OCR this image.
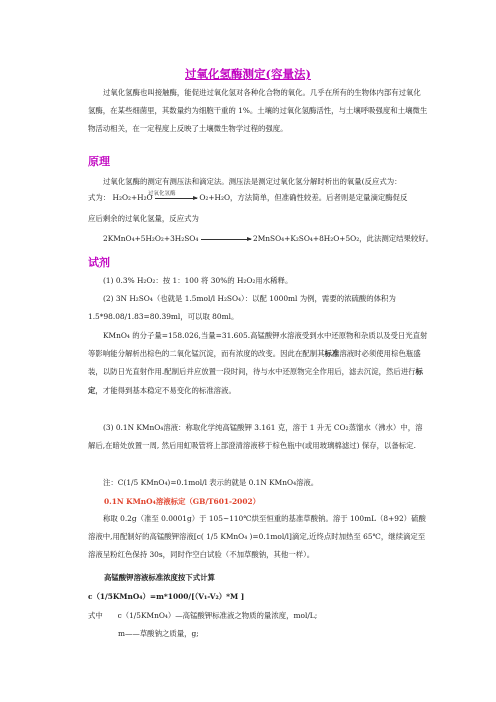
过氧化氢酶测定(容量法)
过氧化氢酶也叫接触酶，能促进过氧化氢对各种化合物的氧化。几乎在所有的生物体内部有过氧化氢酶，在某些细菌里，其数量约为细胞干重的 1%。土壤的过氧化氢酶活性，与土壤呼吸强度和土壤微生物活动相关，在一定程度上反映了土壤微生物学过程的强度。
原理
过氧化氢酶的测定有测压法和滴定法。测压法是测定过氧化氢分解时析出的氧量(反应式为：
过氧化氢酶
式为： H₂O₂+H₂O	O₂+H₂O，方法简单，但准确性较差。后者则是定量滴定酶促反
应后剩余的过氧化氢量，反应式为
2KMnO₄+5H₂O₂+3H₂SO₄	2MnSO₄+K₂SO₄+8H₂O+5O₂，此法测定结果较好。
试剂
(1) 0.3% H₂O₂：按 1：100 将 30%的 H₂O₂用水稀释。
(2) 3N H₂SO₄（也就是 1.5mol/l H₂SO₄）：以配 1000ml 为例，需要的浓硫酸的体积为 1.5*98.08/1.83=80.39ml，可以取 80ml。
KMnO₄ 的分子量=158.026,当量=31.605.高锰酸钾水溶液受到水中还原物和杂质以及受日光直射等影响能分解析出棕色的二氧化锰沉淀，而有浓度的改变。因此在配制其标准溶液时必须使用棕色瓶盛装，以防日光直射作用.配制后并应放置一段时间，待与水中还原物完全作用后，滤去沉淀，然后进行标定，才能得到基本稳定不易变化的标准溶液。
(3) 0.1N KMnO₄溶液：称取化学纯高锰酸钾 3.161 克，溶于 1 升无 CO₂蒸馏水（沸水）中，溶解后,在暗处放置一周, 然后用虹吸管将上部澄清溶液移于棕色瓶中(或用玻璃棉滤过) 保存，以备标定.
注：C(1/5 KMnO₄)=0.1mol/l 表示的就是 0.1N KMnO₄溶液。
0.1N KMnO₄溶液标定（GB/T601-2002）
称取 0.2g（准至 0.0001g）于 105~110℃烘至恒重的基准草酸钠。溶于 100mL（8+92）硫酸溶液中,用配制好的高锰酸钾溶液[c( 1/5 KMnO₄ )=0.1mol/l]滴定,近终点时加热至 65℃，继续滴定至溶液呈粉红色保持 30s，同时作空白试验（不加草酸钠，其他一样）。
高锰酸钾溶液标准浓度按下式计算
c（1/5KMnO₄）=m*1000/[（V₁-V₂）*M ]
式中　　c（1/5KMnO₄）—高锰酸钾标准液之物质的量浓度，mol/L;
m——草酸钠之质量，g;
